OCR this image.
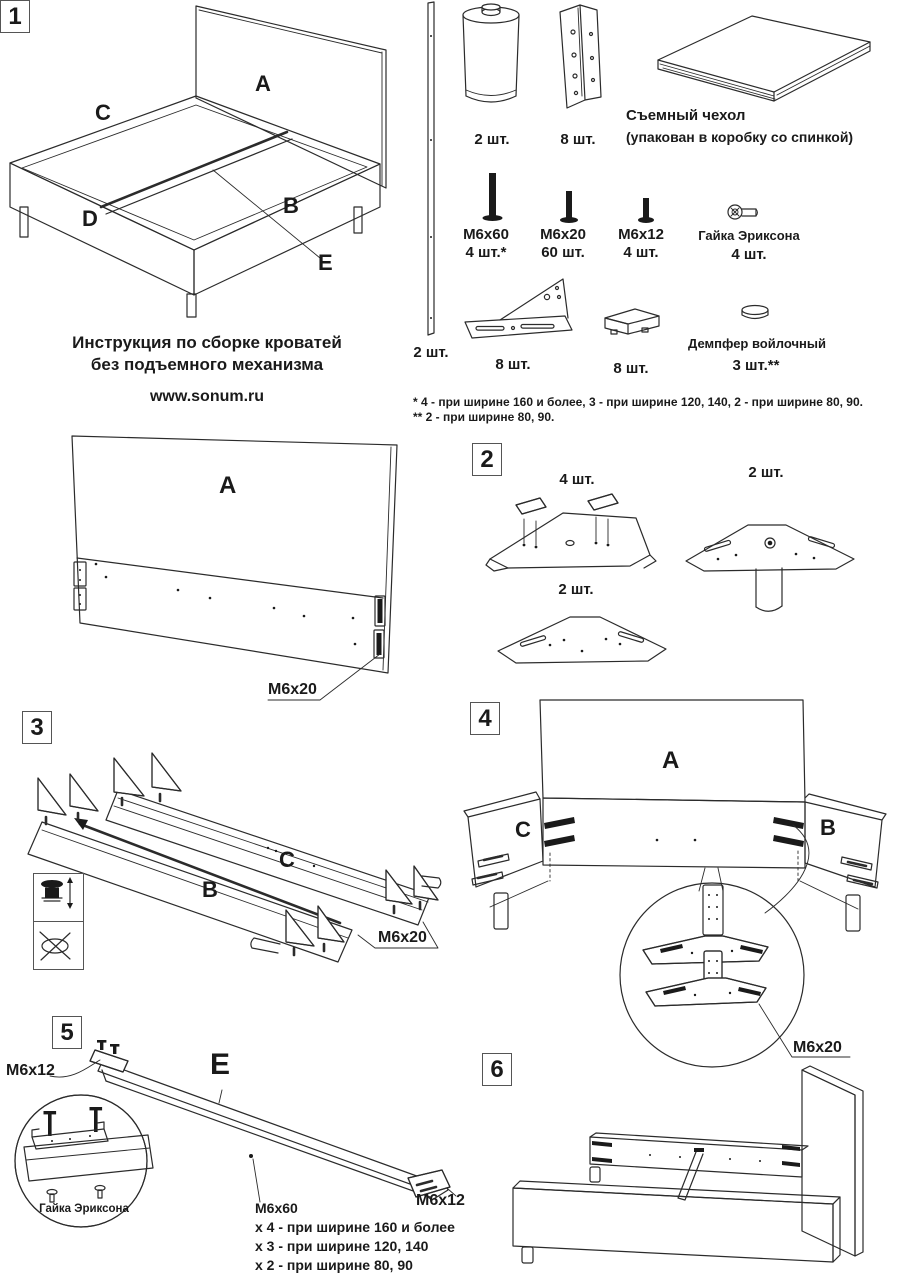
A
C
B
D
E
Инструкция по сборке кроватей
без подъемного механизма
www.sonum.ru
2 шт.
2 шт.	8 шт.
Съемный чехол
(упакован в коробку со спинкой)
M6x60
4 шт.*
M6x20
60 шт.
M6x12
4 шт.
Гайка Эриксона
4 шт.
8 шт.	8 шт.
Демпфер войлочный
3 шт.**
* 4 - при ширине 160 и более, 3 - при ширине 120, 140, 2 - при ширине 80, 90.
** 2 - при ширине 80, 90.
1
A
M6x20
2
4 шт.	2 шт.
2 шт.
3
C
B
M6x20
4
A
C	B
M6x20
5
M6x12	E
Гайка Эриксона	M6x12
M6x60
x 4 - при ширине 160 и более
x 3 - при ширине 120, 140
x 2 - при ширине 80, 90
6
